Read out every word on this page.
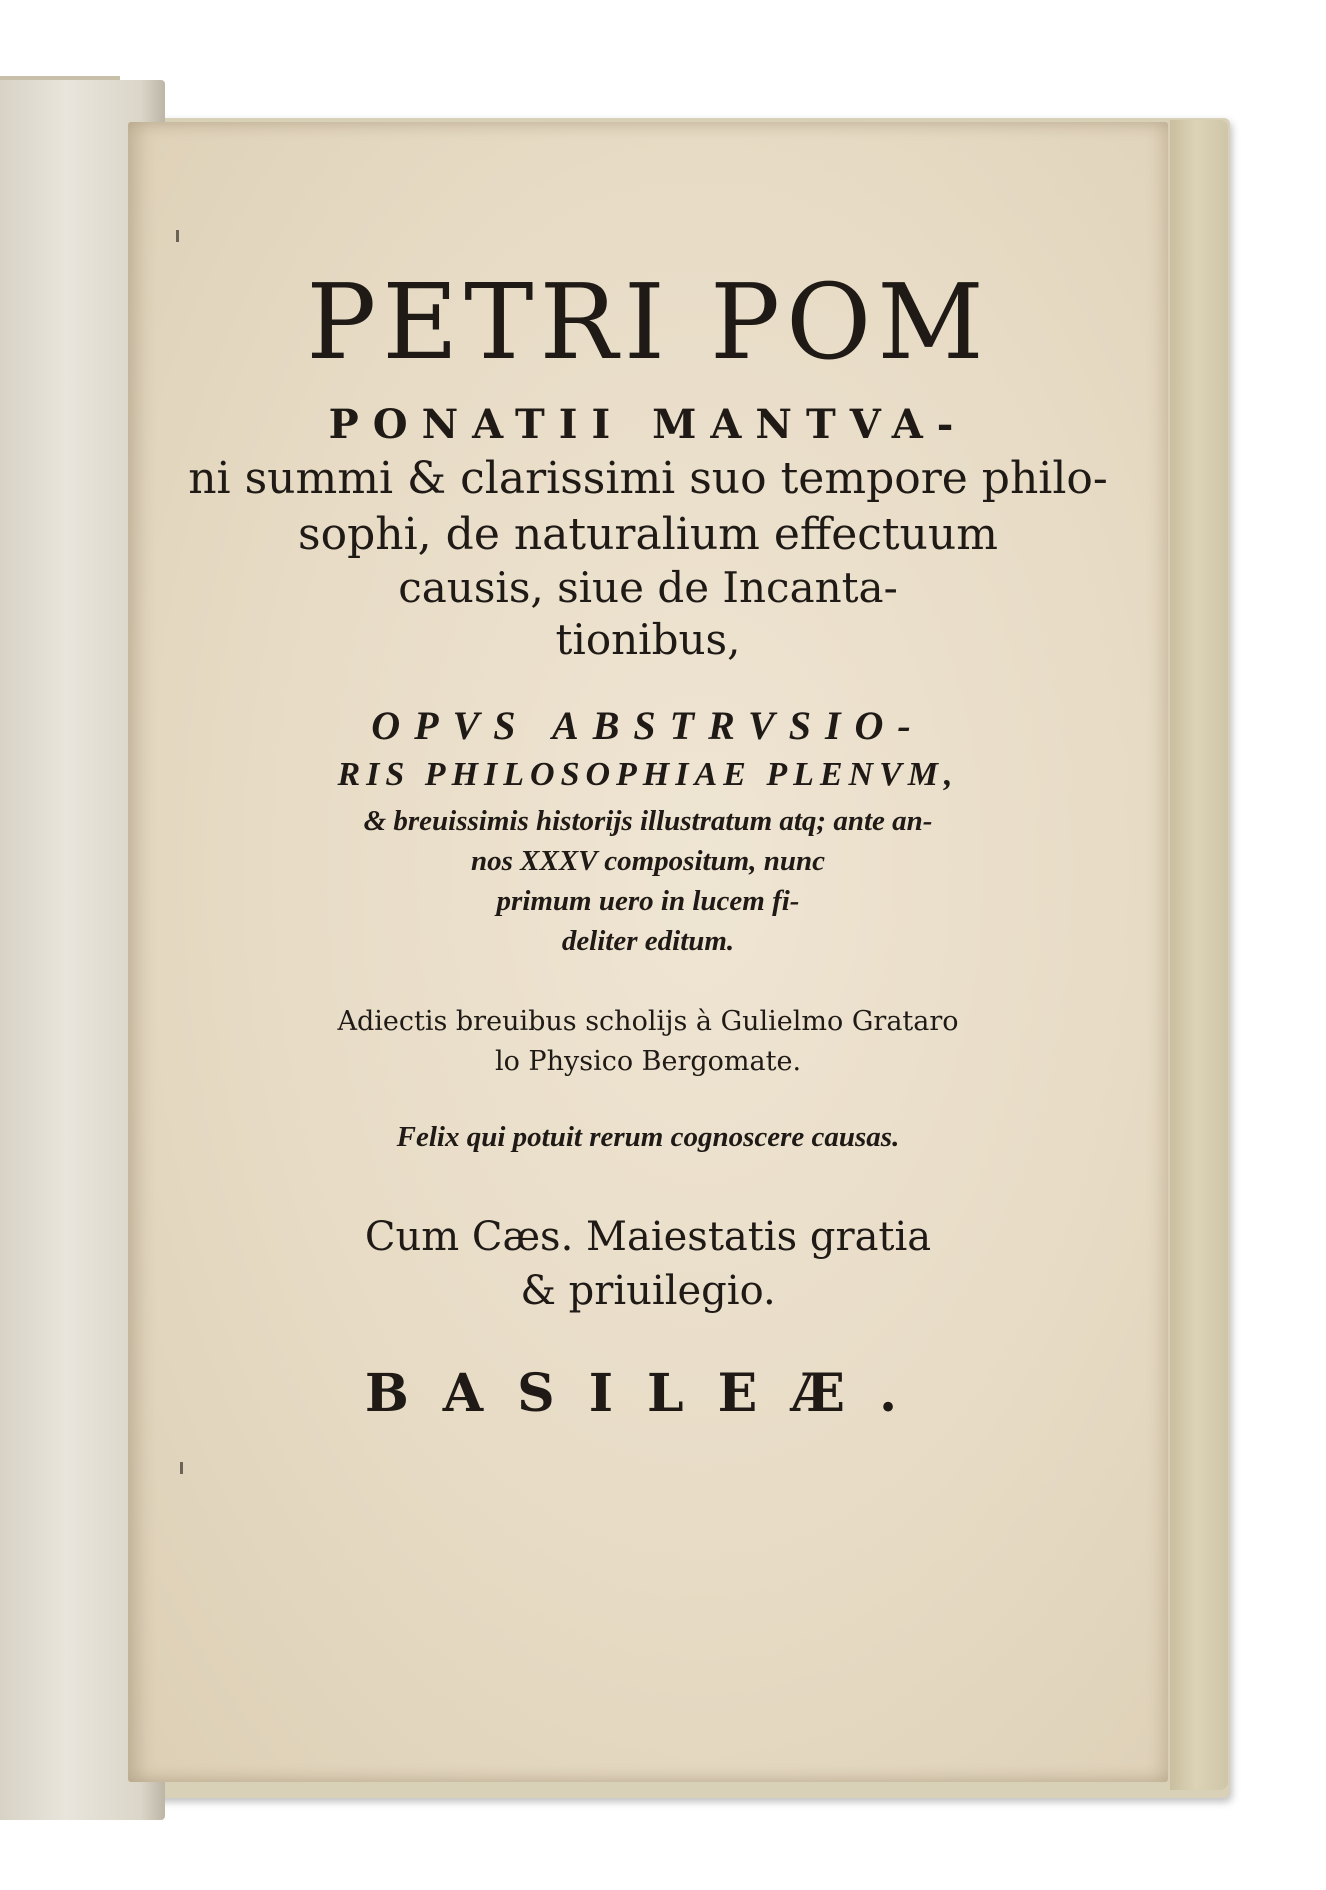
PETRI POM
PONATII MANTVA-
ni summi & clarissimi suo tempore philo-
sophi, de naturalium effectuum
causis, siue de Incanta-
tionibus,
OPVS ABSTRVSIO-
RIS PHILOSOPHIAE PLENVM,
& breuissimis historijs illustratum atq; ante an-
nos XXXV compositum, nunc
primum uero in lucem fi-
deliter editum.
Adiectis breuibus scholijs à Gulielmo Grataro
lo Physico Bergomate.
Felix qui potuit rerum cognoscere causas.
Cum Cæs. Maiestatis gratia
& priuilegio.
BASILEÆ.
